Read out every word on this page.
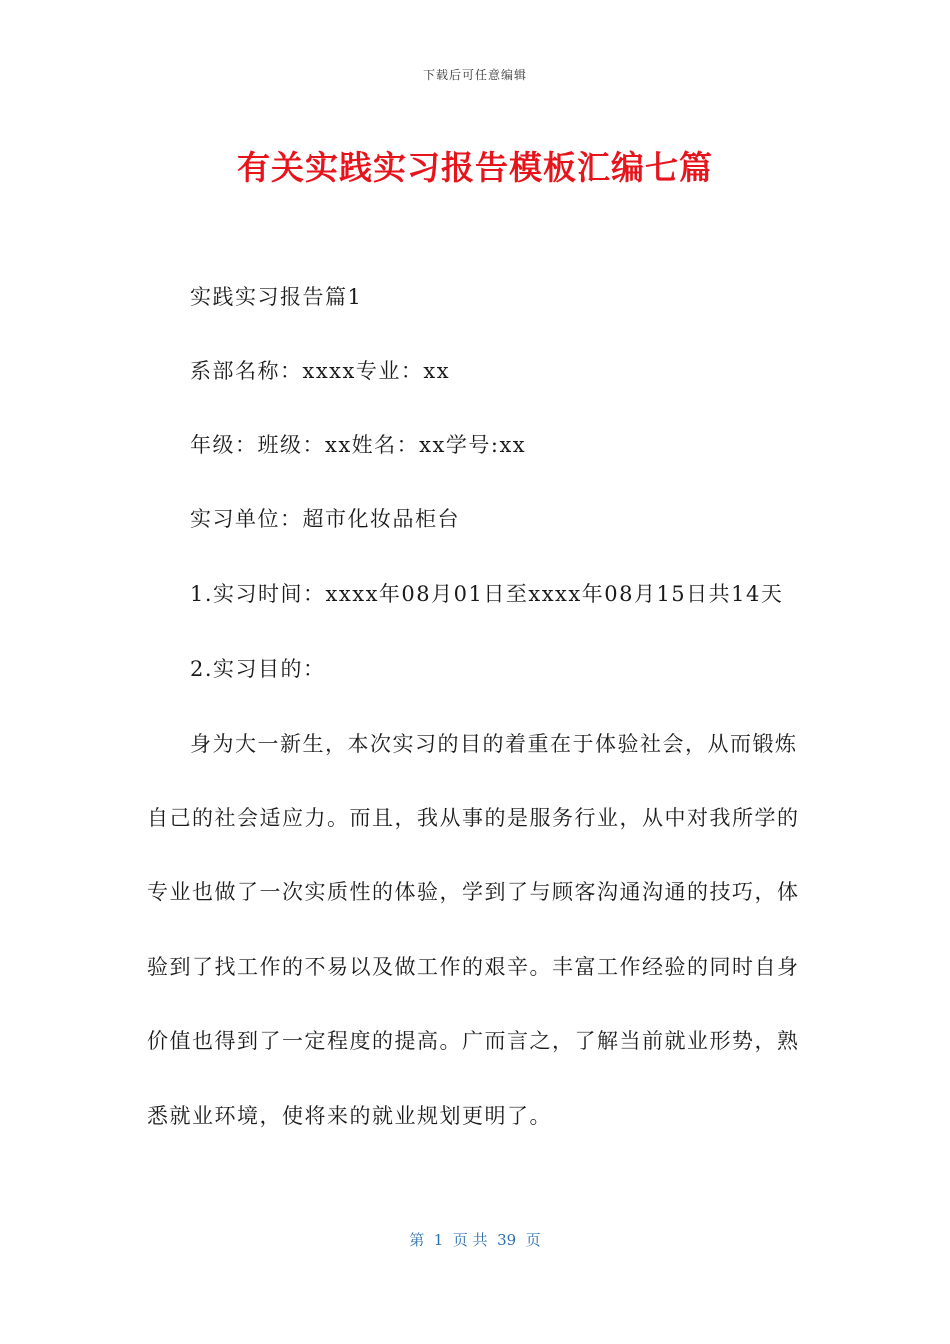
下载后可任意编辑
有关实践实习报告模板汇编七篇
实践实习报告篇1
系部名称：xxxx专业：xx
年级：班级：xx姓名：xx学号:xx
实习单位：超市化妆品柜台
1.实习时间：xxxx年08月01日至xxxx年08月15日共14天
2.实习目的：
身为大一新生，本次实习的目的着重在于体验社会，从而锻炼
自己的社会适应力。而且，我从事的是服务行业，从中对我所学的
专业也做了一次实质性的体验，学到了与顾客沟通沟通的技巧，体
验到了找工作的不易以及做工作的艰辛。丰富工作经验的同时自身
价值也得到了一定程度的提高。广而言之，了解当前就业形势，熟
悉就业环境，使将来的就业规划更明了。
第  1  页 共  39  页
